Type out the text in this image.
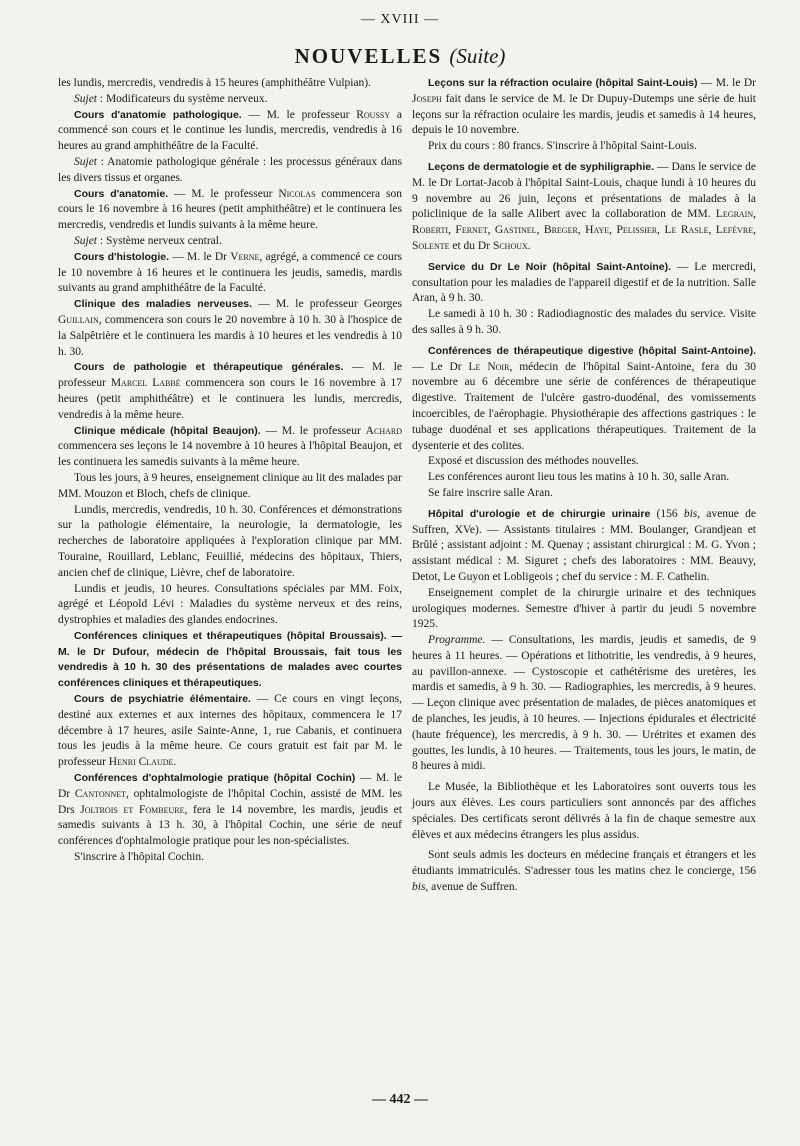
— XVIII —
NOUVELLES (Suite)

les lundis, mercredis, vendredis à 15 heures (amphithéâtre Vulpian).

Sujet : Modificateurs du système nerveux.

Cours d'anatomie pathologique. — M. le professeur Roussy a commencé son cours et le continue les lundis, mercredis, vendredis à 16 heures au grand amphithéâtre de la Faculté.

Sujet : Anatomie pathologique générale : les processus généraux dans les divers tissus et organes.

Cours d'anatomie. — M. le professeur Nicolas commencera son cours le 16 novembre à 16 heures (petit amphithéâtre) et le continuera les mercredis, vendredis et lundis suivants à la même heure.

Sujet : Système nerveux central.

Cours d'histologie. — M. le Dr Verne, agrégé, a commencé ce cours le 10 novembre à 16 heures et le continuera les jeudis, samedis, mardis suivants au grand amphithéâtre de la Faculté.

Clinique des maladies nerveuses. — M. le professeur Georges Guillain, commencera son cours le 20 novembre à 10 h. 30 à l'hospice de la Salpêtrière et le continuera les mardis à 10 heures et les vendredis à 10 h. 30.

Cours de pathologie et thérapeutique générales. — M. le professeur Marcel Labbé commencera son cours le 16 novembre à 17 heures (petit amphithéâtre) et le continuera les lundis, mercredis, vendredis à la même heure.

Clinique médicale (hôpital Beaujon). — M. le professeur Achard commencera ses leçons le 14 novembre à 10 heures à l'hôpital Beaujon, et les continuera les samedis suivants à la même heure.

Tous les jours, à 9 heures, enseignement clinique au lit des malades par MM. Mouzon et Bloch, chefs de clinique.

Lundis, mercredis, vendredis, 10 h. 30. Conférences et démonstrations sur la pathologie élémentaire, la neurologie, la dermatologie, les recherches de laboratoire appliquées à l'exploration clinique par MM. Touraine, Rouillard, Leblanc, Feuillié, médecins des hôpitaux, Thiers, ancien chef de clinique, Lièvre, chef de laboratoire.

Lundis et jeudis, 10 heures. Consultations spéciales par MM. Foix, agrégé et Léopold Lévi : Maladies du système nerveux et des reins, dystrophies et maladies des glandes endocrines.

Conférences cliniques et thérapeutiques (hôpital Broussais). — M. le Dr Dufour, médecin de l'hôpital Broussais, fait tous les vendredis à 10 h. 30 des présentations de malades avec courtes conférences cliniques et thérapeutiques.

Cours de psychiatrie élémentaire. — Ce cours en vingt leçons, destiné aux externes et aux internes des hôpitaux, commencera le 17 décembre à 17 heures, asile Sainte-Anne, 1, rue Cabanis, et continuera tous les jeudis à la même heure. Ce cours gratuit est fait par M. le professeur Henri Claude.

Conférences d'ophtalmologie pratique (hôpital Cochin) — M. le Dr Cantonnet, ophtalmologiste de l'hôpital Cochin, assisté de MM. les Drs Joltrois et Fombeure, fera le 14 novembre, les mardis, jeudis et samedis suivants à 13 h. 30, à l'hôpital Cochin, une série de neuf conférences d'ophtalmologie pratique pour les non-spécialistes.

S'inscrire à l'hôpital Cochin.

Leçons sur la réfraction oculaire (hôpital Saint-Louis) — M. le Dr Joseph fait dans le service de M. le Dr Dupuy-Dutemps une série de huit leçons sur la réfraction oculaire les mardis, jeudis et samedis à 14 heures, depuis le 10 novembre.

Prix du cours : 80 francs. S'inscrire à l'hôpital Saint-Louis.

Leçons de dermatologie et de syphiligraphie. — Dans le service de M. le Dr Lortat-Jacob à l'hôpital Saint-Louis, chaque lundi à 10 heures du 9 novembre au 26 juin, leçons et présentations de malades à la policlinique de la salle Alibert avec la collaboration de MM. Legrain, Roberti, Fernet, Gastinel, Breger, Haye, Pelissier, Le Rasle, Lefèvre, Solente et du Dr Schoux.

Service du Dr Le Noir (hôpital Saint-Antoine). — Le mercredi, consultation pour les maladies de l'appareil digestif et de la nutrition. Salle Aran, à 9 h. 30.

Le samedi à 10 h. 30 : Radiodiagnostic des malades du service. Visite des salles à 9 h. 30.

Conférences de thérapeutique digestive (hôpital Saint-Antoine). — Le Dr Le Noir, médecin de l'hôpital Saint-Antoine, fera du 30 novembre au 6 décembre une série de conférences de thérapeutique digestive. Traitement de l'ulcère gastro-duodénal, des vomissements incoercibles, de l'aérophagie. Physiothérapie des affections gastriques : le tubage duodénal et ses applications thérapeutiques. Traitement de la dysenterie et des colites.

Exposé et discussion des méthodes nouvelles.

Les conférences auront lieu tous les matins à 10 h. 30, salle Aran.

Se faire inscrire salle Aran.

Hôpital d'urologie et de chirurgie urinaire (156 bis, avenue de Suffren, XVe). — Assistants titulaires : MM. Boulanger, Grandjean et Brûlé ; assistant adjoint : M. Quenay ; assistant chirurgical : M. G. Yvon ; assistant médical : M. Siguret ; chefs des laboratoires : MM. Beauvy, Detot, Le Guyon et Lobligeois ; chef du service : M. F. Cathelin.

Enseignement complet de la chirurgie urinaire et des techniques urologiques modernes. Semestre d'hiver à partir du jeudi 5 novembre 1925.

Programme. — Consultations, les mardis, jeudis et samedis, de 9 heures à 11 heures. — Opérations et lithotritie, les vendredis, à 9 heures, au pavillon-annexe. — Cystoscopie et cathétérisme des uretères, les mardis et samedis, à 9 h. 30. — Radiographies, les mercredis, à 9 heures. — Leçon clinique avec présentation de malades, de pièces anatomiques et de planches, les jeudis, à 10 heures. — Injections épidurales et électricité (haute fréquence), les mercredis, à 9 h. 30. — Urétrites et examen des gouttes, les lundis, à 10 heures. — Traitements, tous les jours, le matin, de 8 heures à midi.

Le Musée, la Bibliothèque et les Laboratoires sont ouverts tous les jours aux élèves. Les cours particuliers sont annoncés par des affiches spéciales. Des certificats seront délivrés à la fin de chaque semestre aux élèves et aux médecins étrangers les plus assidus.

Sont seuls admis les docteurs en médecine français et étrangers et les étudiants immatriculés. S'adresser tous les matins chez le concierge, 156 bis, avenue de Suffren.

— 442 —
